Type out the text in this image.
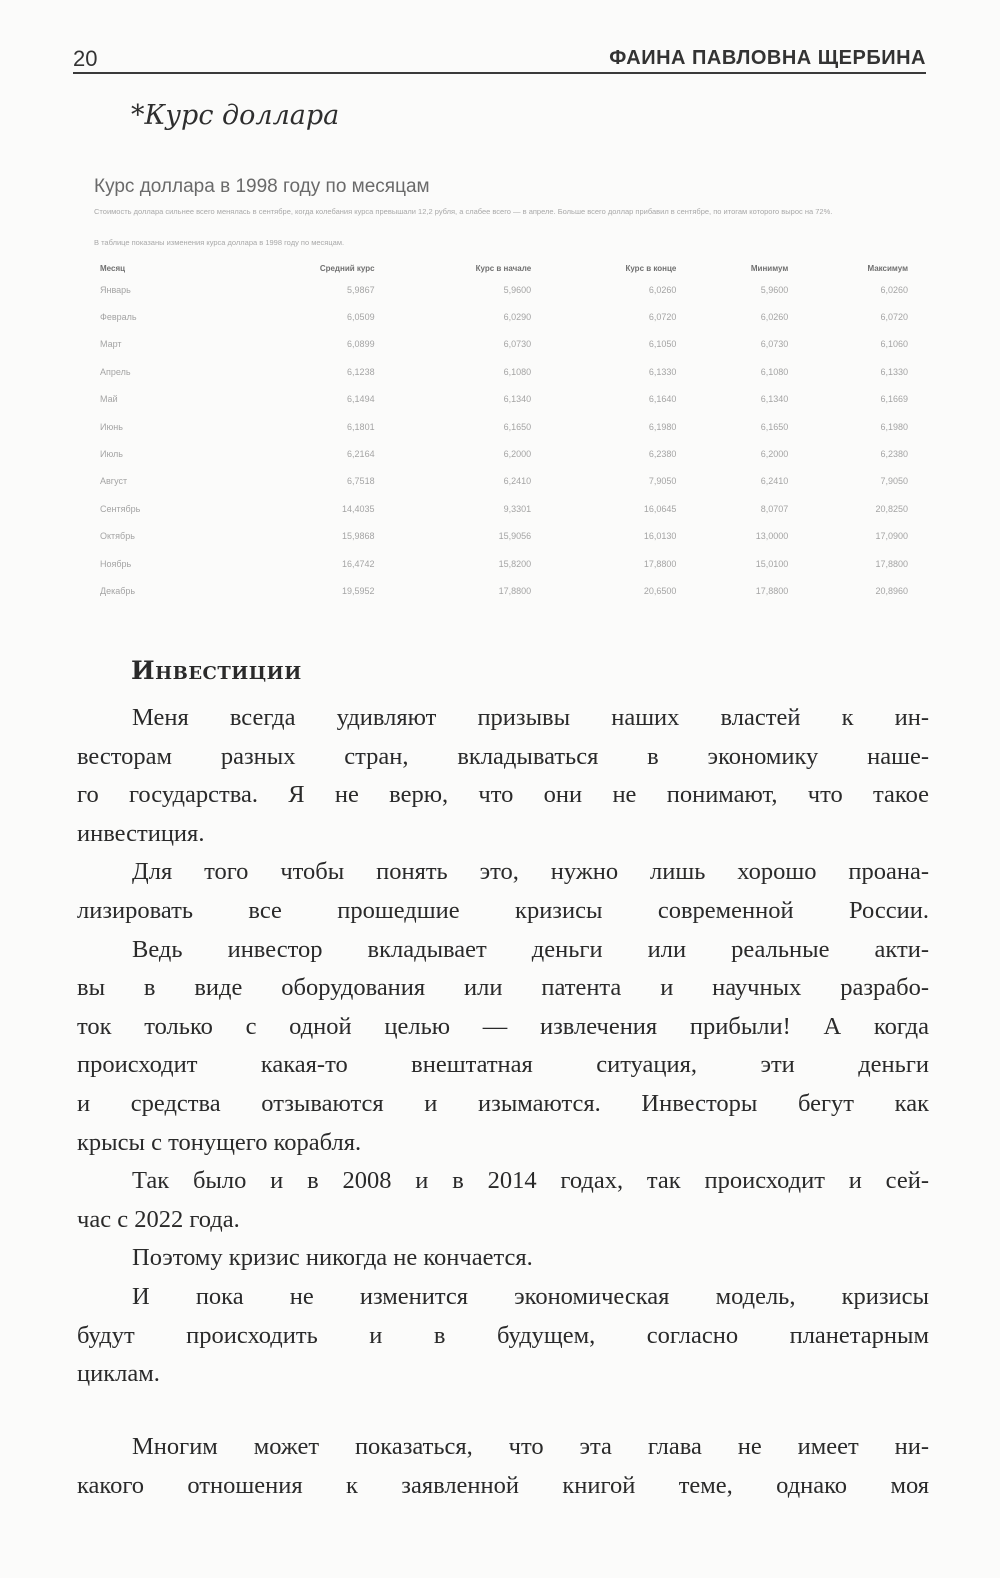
20	ФАИНА ПАВЛОВНА ЩЕРБИНА
*Курс доллара
Курс доллара в 1998 году по месяцам
Стоимость доллара сильнее всего менялась в сентябре, когда колебания курса превышали 12,2 рубля, а слабее всего — в апреле. Больше всего доллар прибавил в сентябре, по итогам которого вырос на 72%.
В таблице показаны изменения курса доллара в 1998 году по месяцам.
Месяц	Средний курс	Курс в начале	Курс в конце	Минимум	Максимум
Январь	5,9867	5,9600	6,0260	5,9600	6,0260
Февраль	6,0509	6,0290	6,0720	6,0260	6,0720
Март	6,0899	6,0730	6,1050	6,0730	6,1060
Апрель	6,1238	6,1080	6,1330	6,1080	6,1330
Май	6,1494	6,1340	6,1640	6,1340	6,1669
Июнь	6,1801	6,1650	6,1980	6,1650	6,1980
Июль	6,2164	6,2000	6,2380	6,2000	6,2380
Август	6,7518	6,2410	7,9050	6,2410	7,9050
Сентябрь	14,4035	9,3301	16,0645	8,0707	20,8250
Октябрь	15,9868	15,9056	16,0130	13,0000	17,0900
Ноябрь	16,4742	15,8200	17,8800	15,0100	17,8800
Декабрь	19,5952	17,8800	20,6500	17,8800	20,8960
Инвестиции
Меня всегда удивляют призывы наших властей к ин-
весторам разных стран, вкладываться в экономику наше-
го государства. Я не верю, что они не понимают, что такое
инвестиция.
Для того чтобы понять это, нужно лишь хорошо проана-
лизировать все прошедшие кризисы современной России.
Ведь инвестор вкладывает деньги или реальные акти-
вы в виде оборудования или патента и научных разрабо-
ток только с одной целью — извлечения прибыли! А когда
происходит какая-то внештатная ситуация, эти деньги
и средства отзываются и изымаются. Инвесторы бегут как
крысы с тонущего корабля.
Так было и в 2008 и в 2014 годах, так происходит и сей-
час с 2022 года.
Поэтому кризис никогда не кончается.
И пока не изменится экономическая модель, кризисы
будут происходить и в будущем, согласно планетарным
циклам.
Многим может показаться, что эта глава не имеет ни-
какого отношения к заявленной книгой теме, однако моя
